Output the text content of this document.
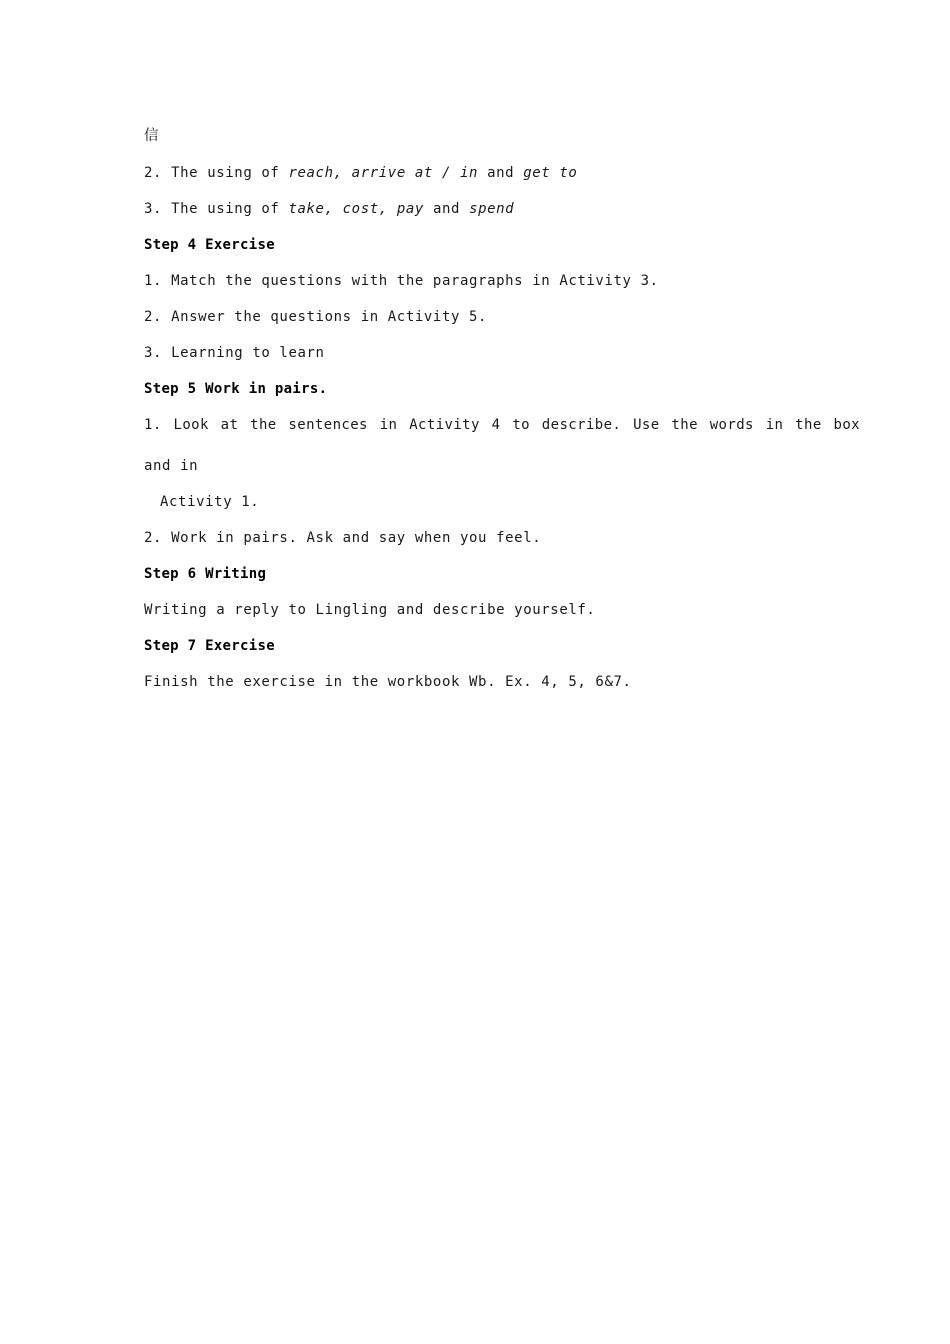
信
2. The using of reach, arrive at / in and get to
3. The using of take, cost, pay and spend
Step 4 Exercise
1. Match the questions with the paragraphs in Activity 3.
2. Answer the questions in Activity 5.
3. Learning to learn
Step 5 Work in pairs.
1. Look at the sentences in Activity 4 to describe. Use the words in the box
and in
Activity 1.
2. Work in pairs. Ask and say when you feel.
Step 6 Writing
Writing a reply to Lingling and describe yourself.
Step 7 Exercise
Finish the exercise in the workbook Wb. Ex. 4, 5, 6&7.
